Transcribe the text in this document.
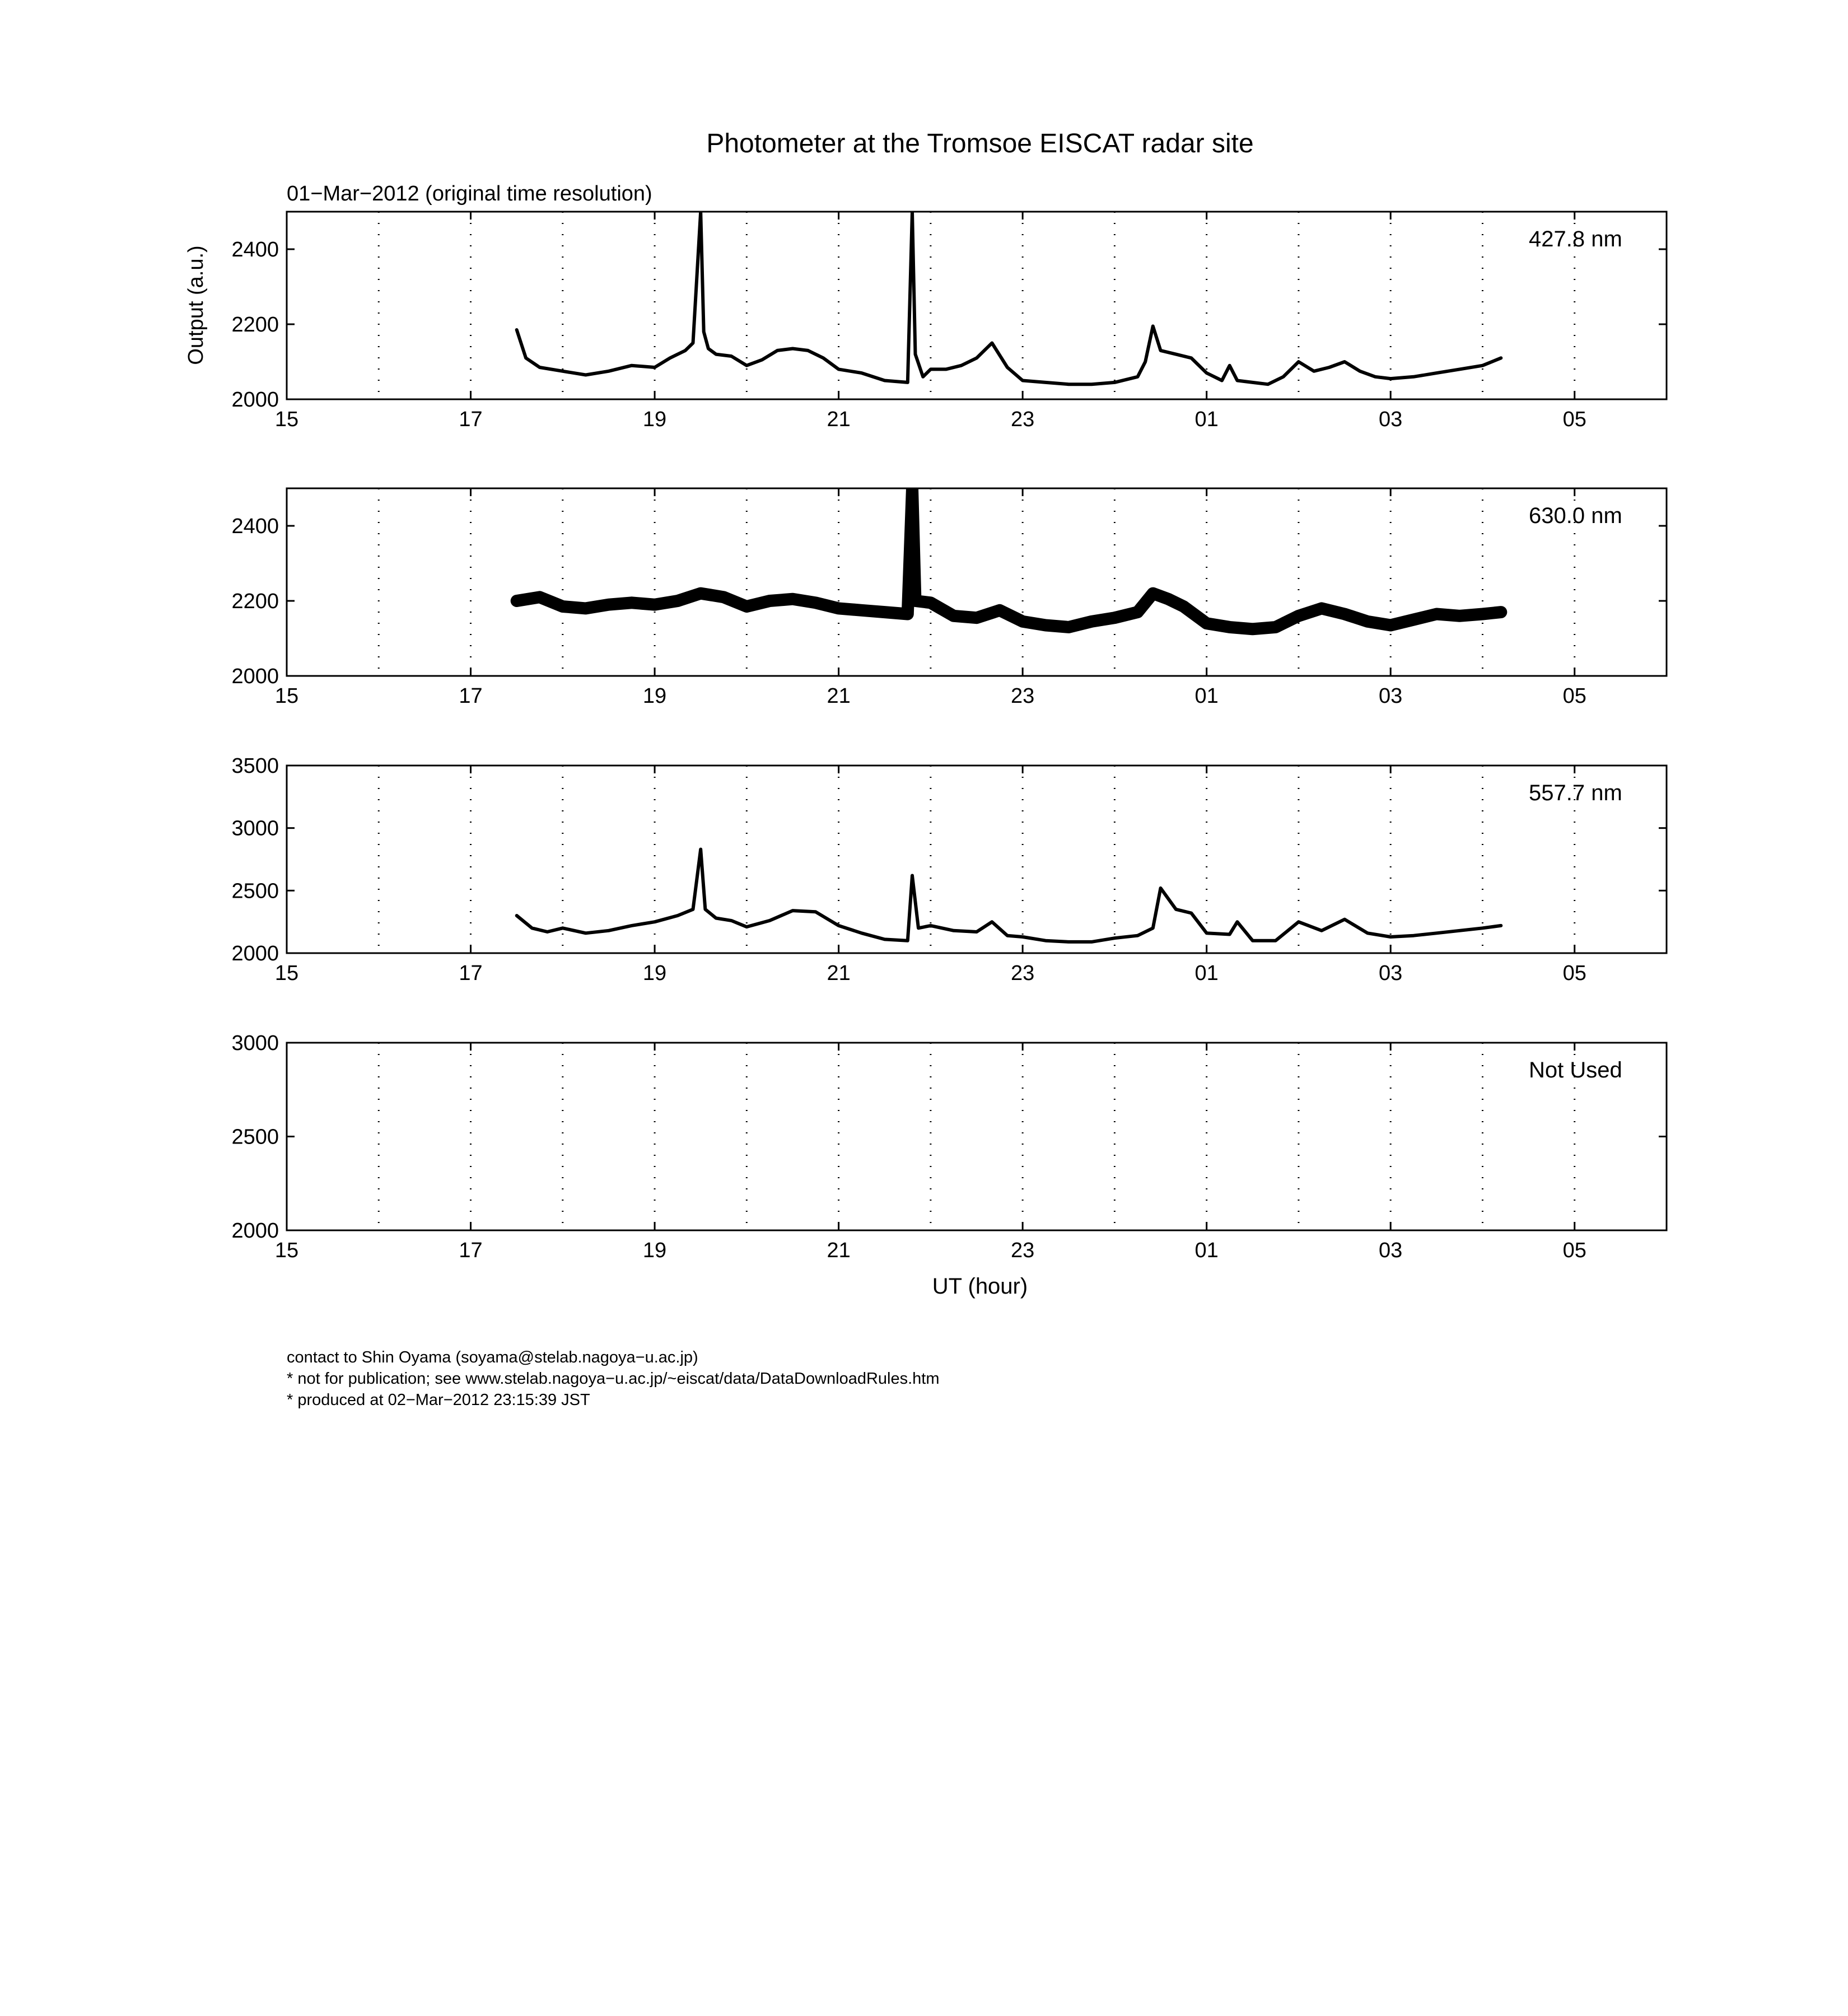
Photometer at the Tromsoe EISCAT radar site
01−Mar−2012 (original time resolution)
Output (a.u.)
UT (hour)
15	17	19	21	23	01	03	05
2000
2200
2400	427.8 nm
15	17	19	21	23	01	03	05
2000
2200
2400	630.0 nm
15	17	19	21	23	01	03	05
2000
2500
3000
3500
557.7 nm
15	17	19	21	23	01	03	05
2000
2500
3000
Not Used
contact to Shin Oyama (soyama@stelab.nagoya−u.ac.jp)
* not for publication; see www.stelab.nagoya−u.ac.jp/~eiscat/data/DataDownloadRules.htm
* produced at 02−Mar−2012 23:15:39 JST
